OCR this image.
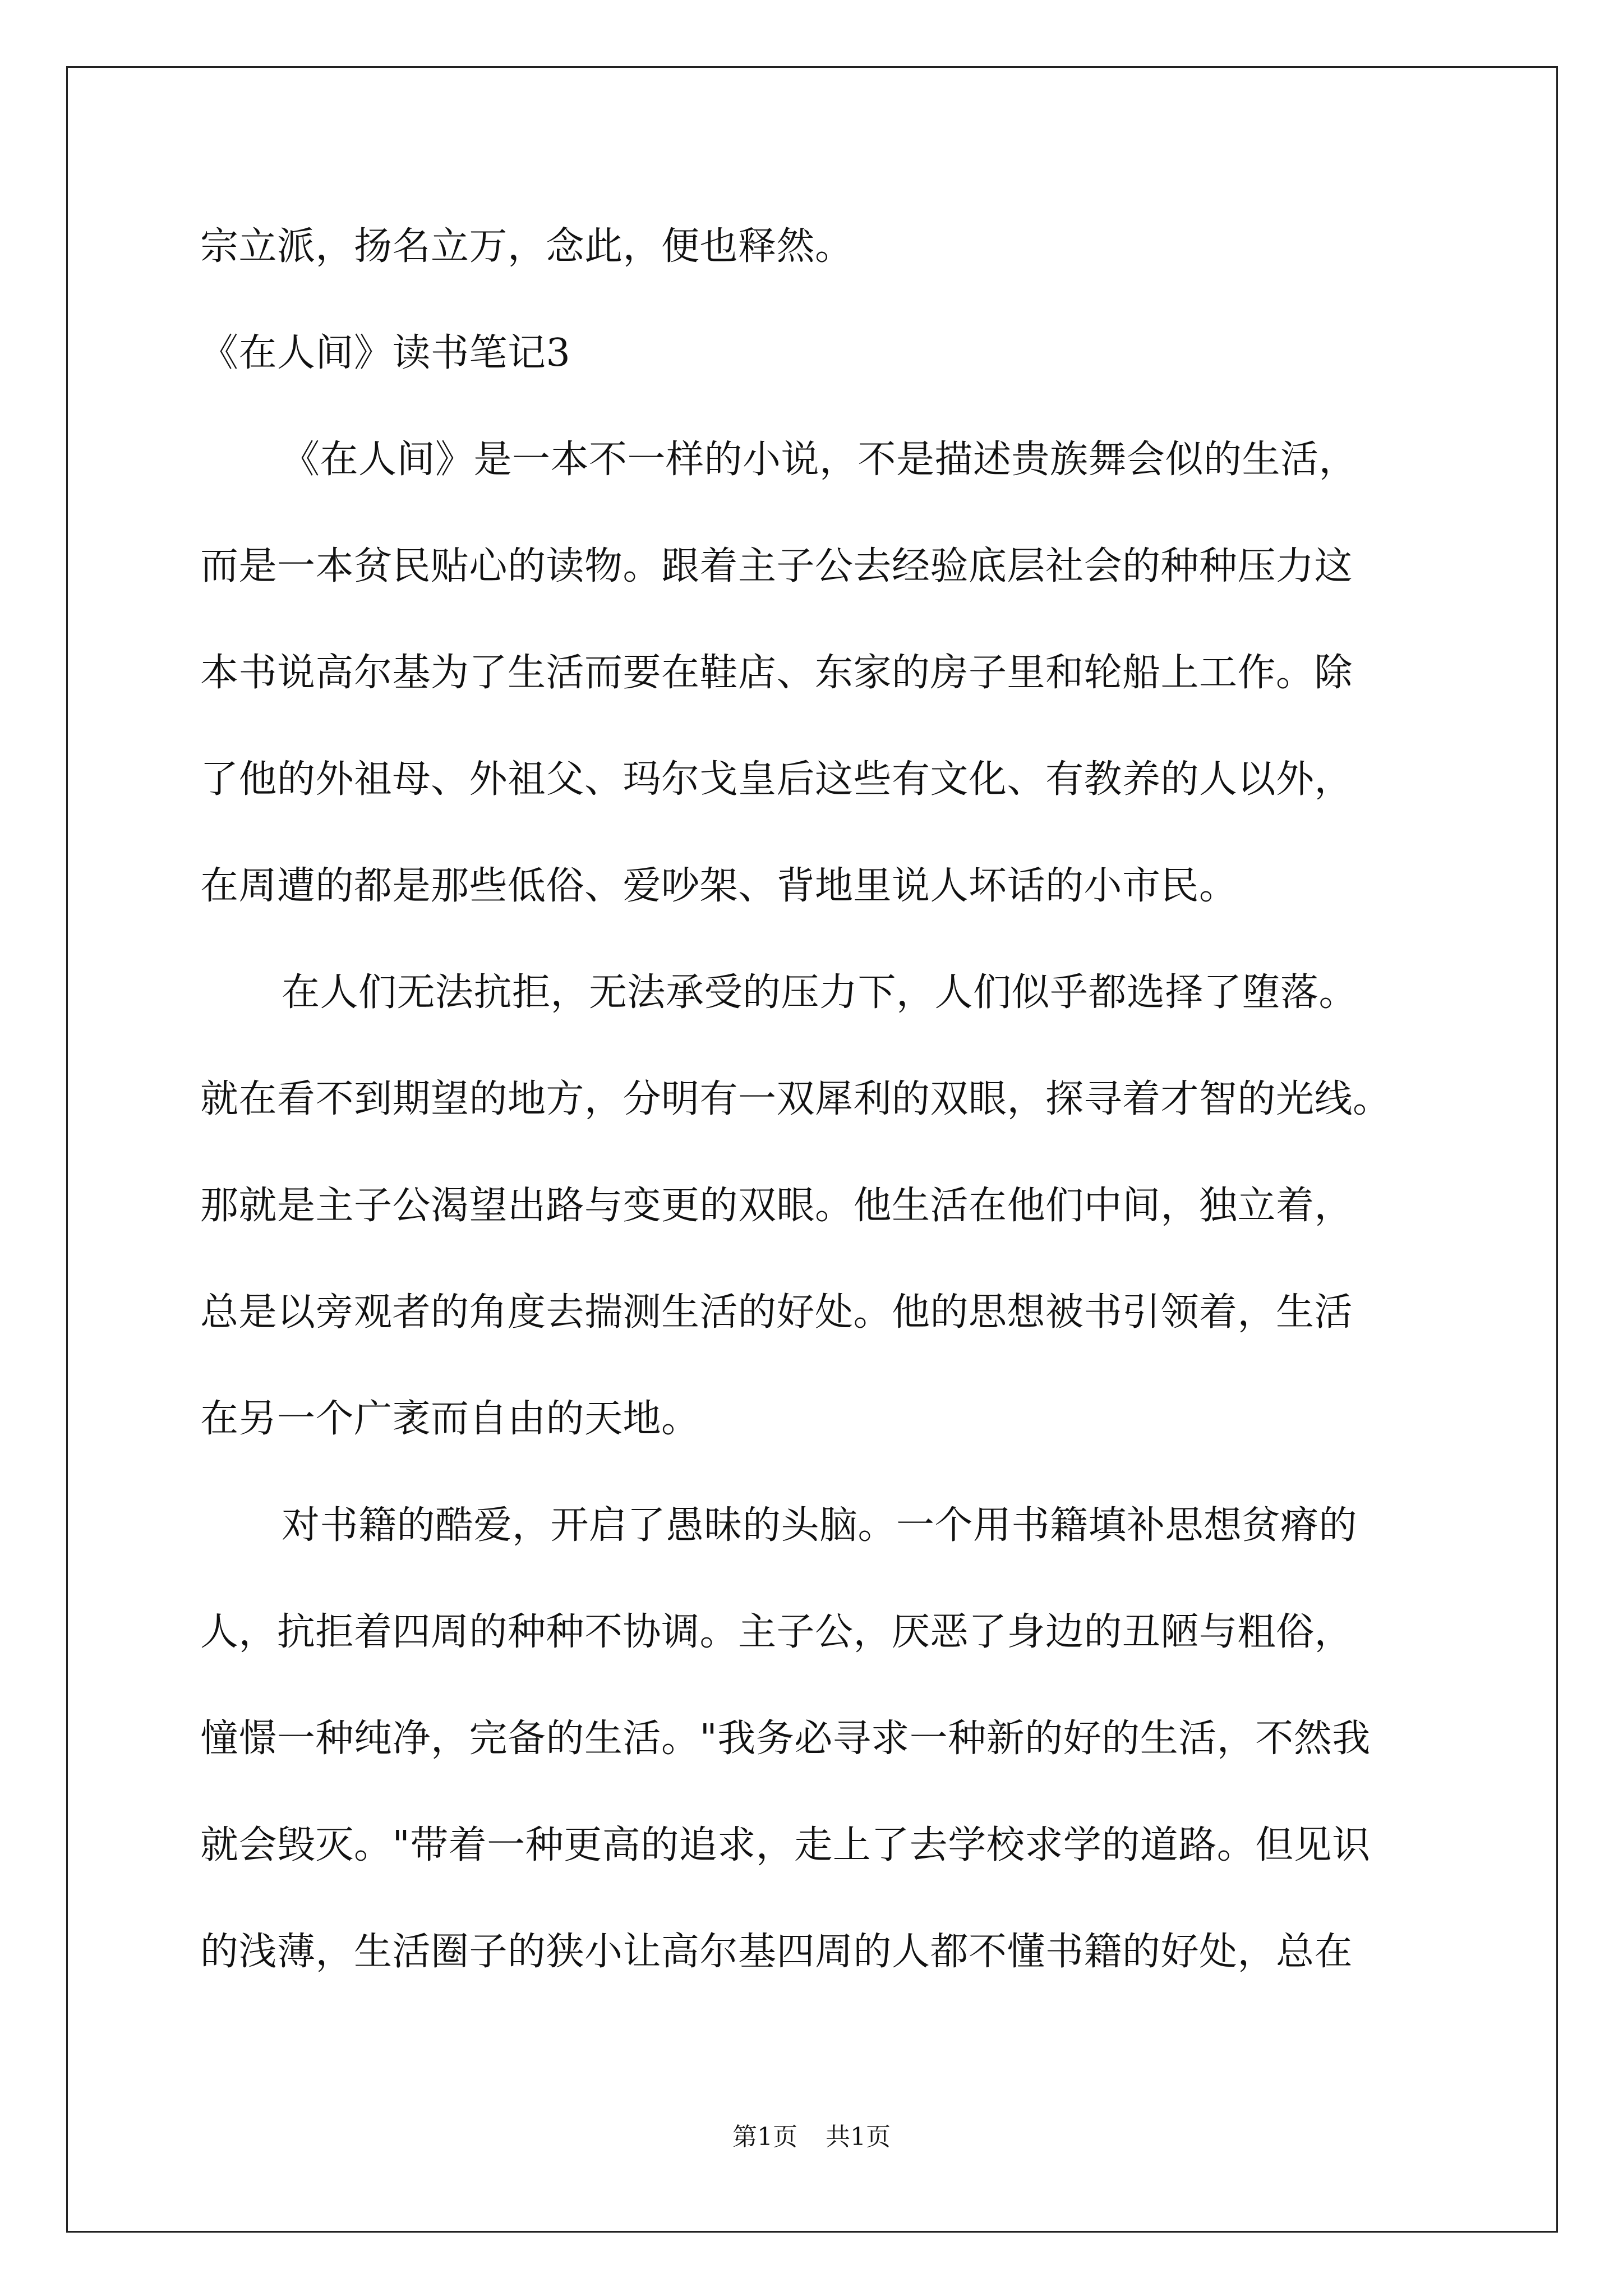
宗立派，扬名立万，念此，便也释然。
《在人间》读书笔记3
《在人间》是一本不一样的小说，不是描述贵族舞会似的生活，
而是一本贫民贴心的读物。跟着主子公去经验底层社会的种种压力这
本书说高尔基为了生活而要在鞋店、东家的房子里和轮船上工作。除
了他的外祖母、外祖父、玛尔戈皇后这些有文化、有教养的人以外，
在周遭的都是那些低俗、爱吵架、背地里说人坏话的小市民。
在人们无法抗拒，无法承受的压力下，人们似乎都选择了堕落。
就在看不到期望的地方，分明有一双犀利的双眼，探寻着才智的光线。
那就是主子公渴望出路与变更的双眼。他生活在他们中间，独立着，
总是以旁观者的角度去揣测生活的好处。他的思想被书引领着，生活
在另一个广袤而自由的天地。
对书籍的酷爱，开启了愚昧的头脑。一个用书籍填补思想贫瘠的
人，抗拒着四周的种种不协调。主子公，厌恶了身边的丑陋与粗俗，
憧憬一种纯净，完备的生活。"我务必寻求一种新的好的生活，不然我
就会毁灭。"带着一种更高的追求，走上了去学校求学的道路。但见识
的浅薄，生活圈子的狭小让高尔基四周的人都不懂书籍的好处，总在
第1页 共1页
